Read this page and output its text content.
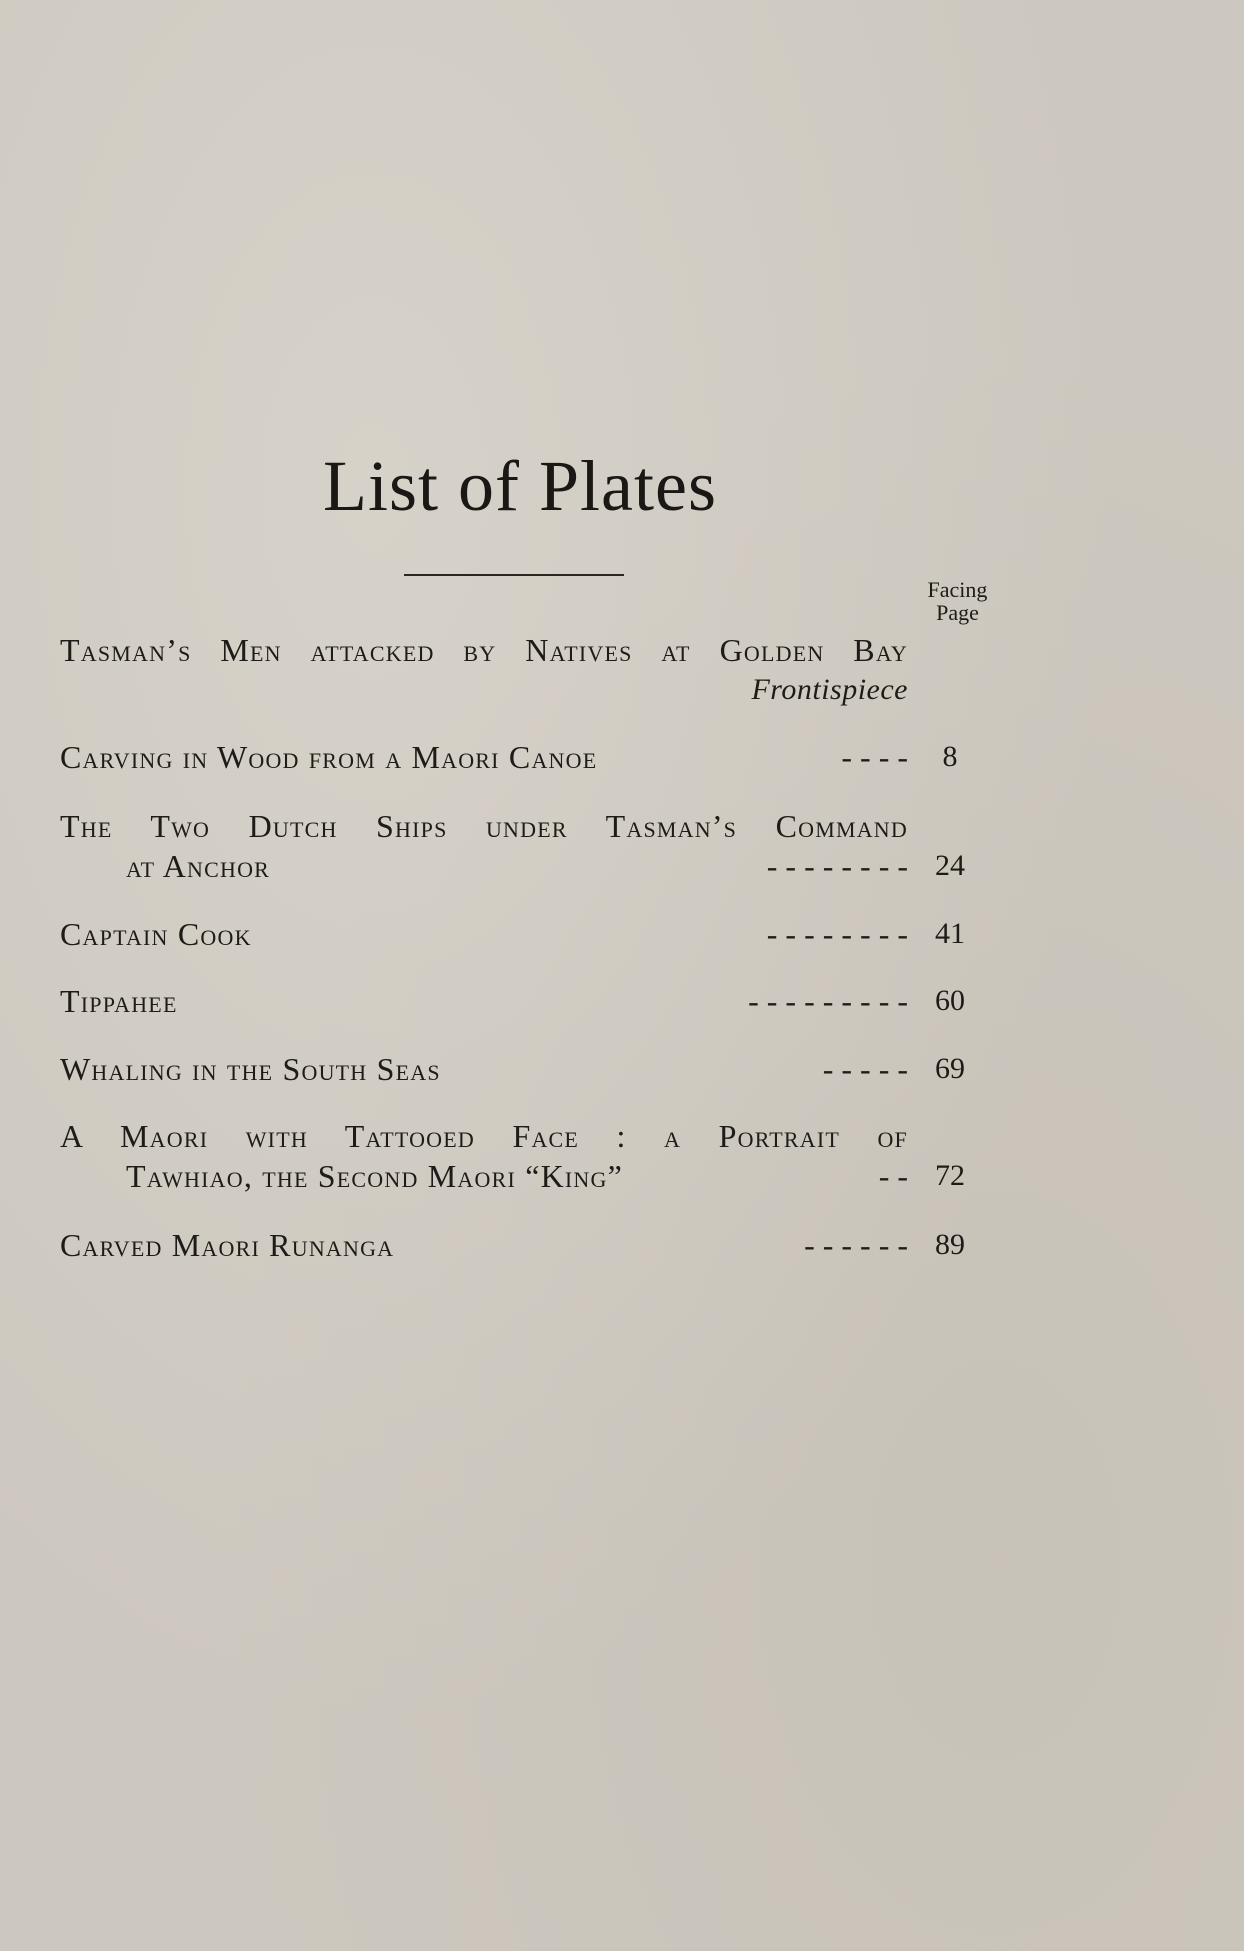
List of Plates
Facing
Page
Tasman’s Men attacked by Natives at Golden Bay
Frontispiece
Carving in Wood from a Maori Canoe	- - - -	8
The Two Dutch Ships under Tasman’s Command
at Anchor	- - - - - - - - 24
Captain Cook	- - - - - - - - 41
Tippahee	- - - - - - - - - 60
Whaling in the South Seas	- - - - - 69
A Maori with Tattooed Face : a Portrait of
Tawhiao, the Second Maori “King”	- - 72
Carved Maori Runanga	- - - - - - 89
